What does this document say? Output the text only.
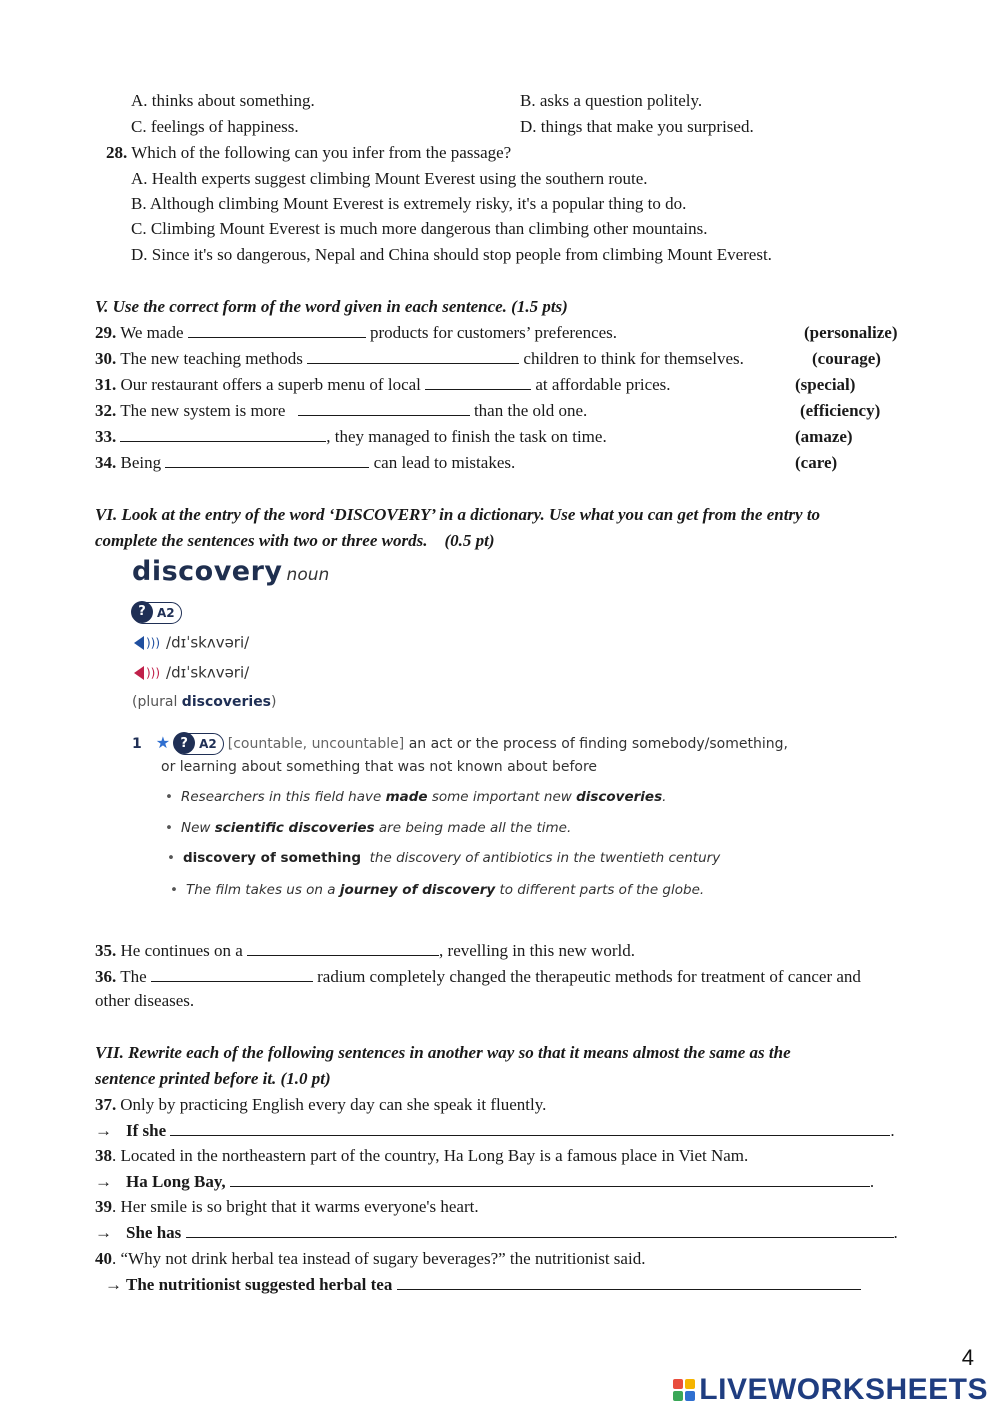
A. thinks about something.	B. asks a question politely.
C. feelings of happiness.	D. things that make you surprised.
28. Which of the following can you infer from the passage?
A. Health experts suggest climbing Mount Everest using the southern route.
B. Although climbing Mount Everest is extremely risky, it's a popular thing to do.
C. Climbing Mount Everest is much more dangerous than climbing other mountains.
D. Since it's so dangerous, Nepal and China should stop people from climbing Mount Everest.
V. Use the correct form of the word given in each sentence. (1.5 pts)
29. We made	products for customers’ preferences.	(personalize)
30. The new teaching methods	children to think for themselves.	(courage)
31. Our restaurant offers a superb menu of local	at affordable prices.	(special)
32. The new system is more	than the old one.	(efficiency)
33.	, they managed to finish the task on time.	(amaze)
34. Being	can lead to mistakes.	(care)
VI. Look at the entry of the word ‘DISCOVERY’ in a dictionary. Use what you can get from the entry to
complete the sentences with two or three words.    (0.5 pt)
discovery noun
? A2
))) /dɪˈskʌvəri/
))) /dɪˈskʌvəri/
(plural discoveries)
1 ★ ? A2 [countable, uncountable] an act or the process of finding somebody/something,
or learning about something that was not known about before
• Researchers in this field have made some important new discoveries.
• New scientific discoveries are being made all the time.
• discovery of something  the discovery of antibiotics in the twentieth century
• The film takes us on a journey of discovery to different parts of the globe.
35. He continues on a	, revelling in this new world.
36. The	radium completely changed the therapeutic methods for treatment of cancer and
other diseases.
VII. Rewrite each of the following sentences in another way so that it means almost the same as the
sentence printed before it. (1.0 pt)
37. Only by practicing English every day can she speak it fluently.
→ If she	.
38. Located in the northeastern part of the country, Ha Long Bay is a famous place in Viet Nam.
→ Ha Long Bay,	.
39. Her smile is so bright that it warms everyone's heart.
→ She has	.
40. “Why not drink herbal tea instead of sugary beverages?” the nutritionist said.
→ The nutritionist suggested herbal tea
4
LIVEWORKSHEETS
